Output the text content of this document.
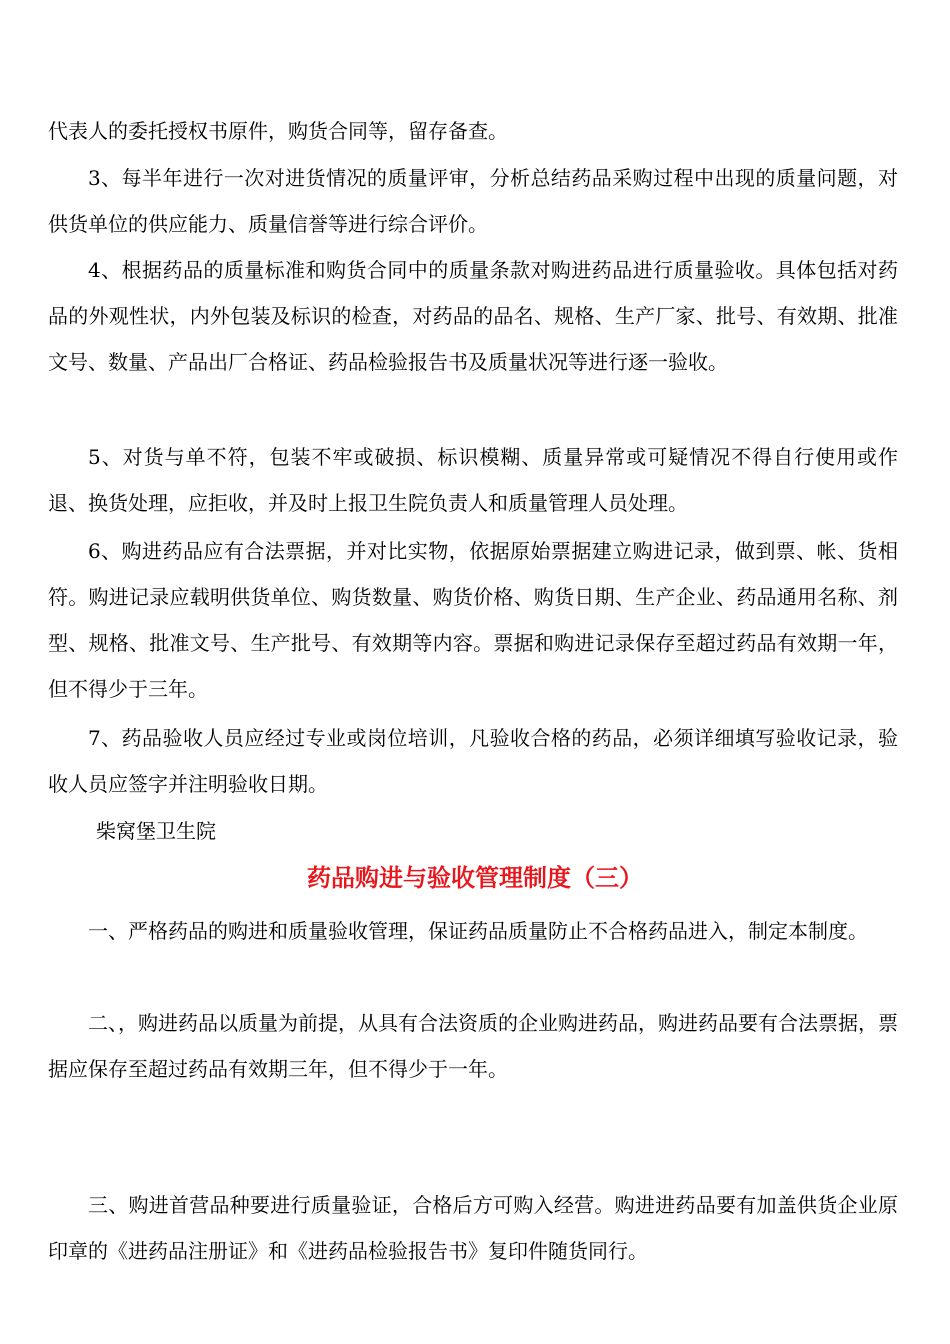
代表人的委托授权书原件，购货合同等，留存备查。

3、每半年进行一次对进货情况的质量评审，分析总结药品采购过程中出现的质量问题，对供货单位的供应能力、质量信誉等进行综合评价。

4、根据药品的质量标准和购货合同中的质量条款对购进药品进行质量验收。具体包括对药品的外观性状，内外包装及标识的检查，对药品的品名、规格、生产厂家、批号、有效期、批准文号、数量、产品出厂合格证、药品检验报告书及质量状况等进行逐一验收。

5、对货与单不符，包装不牢或破损、标识模糊、质量异常或可疑情况不得自行使用或作退、换货处理，应拒收，并及时上报卫生院负责人和质量管理人员处理。

6、购进药品应有合法票据，并对比实物，依据原始票据建立购进记录，做到票、帐、货相符。购进记录应载明供货单位、购货数量、购货价格、购货日期、生产企业、药品通用名称、剂型、规格、批准文号、生产批号、有效期等内容。票据和购进记录保存至超过药品有效期一年，但不得少于三年。

7、药品验收人员应经过专业或岗位培训，凡验收合格的药品，必须详细填写验收记录，验收人员应签字并注明验收日期。

柴窝堡卫生院

药品购进与验收管理制度（三）

一、严格药品的购进和质量验收管理，保证药品质量防止不合格药品进入，制定本制度。

二、，购进药品以质量为前提，从具有合法资质的企业购进药品，购进药品要有合法票据，票据应保存至超过药品有效期三年，但不得少于一年。

三、购进首营品种要进行质量验证，合格后方可购入经营。购进进药品要有加盖供货企业原印章的《进药品注册证》和《进药品检验报告书》复印件随货同行。
